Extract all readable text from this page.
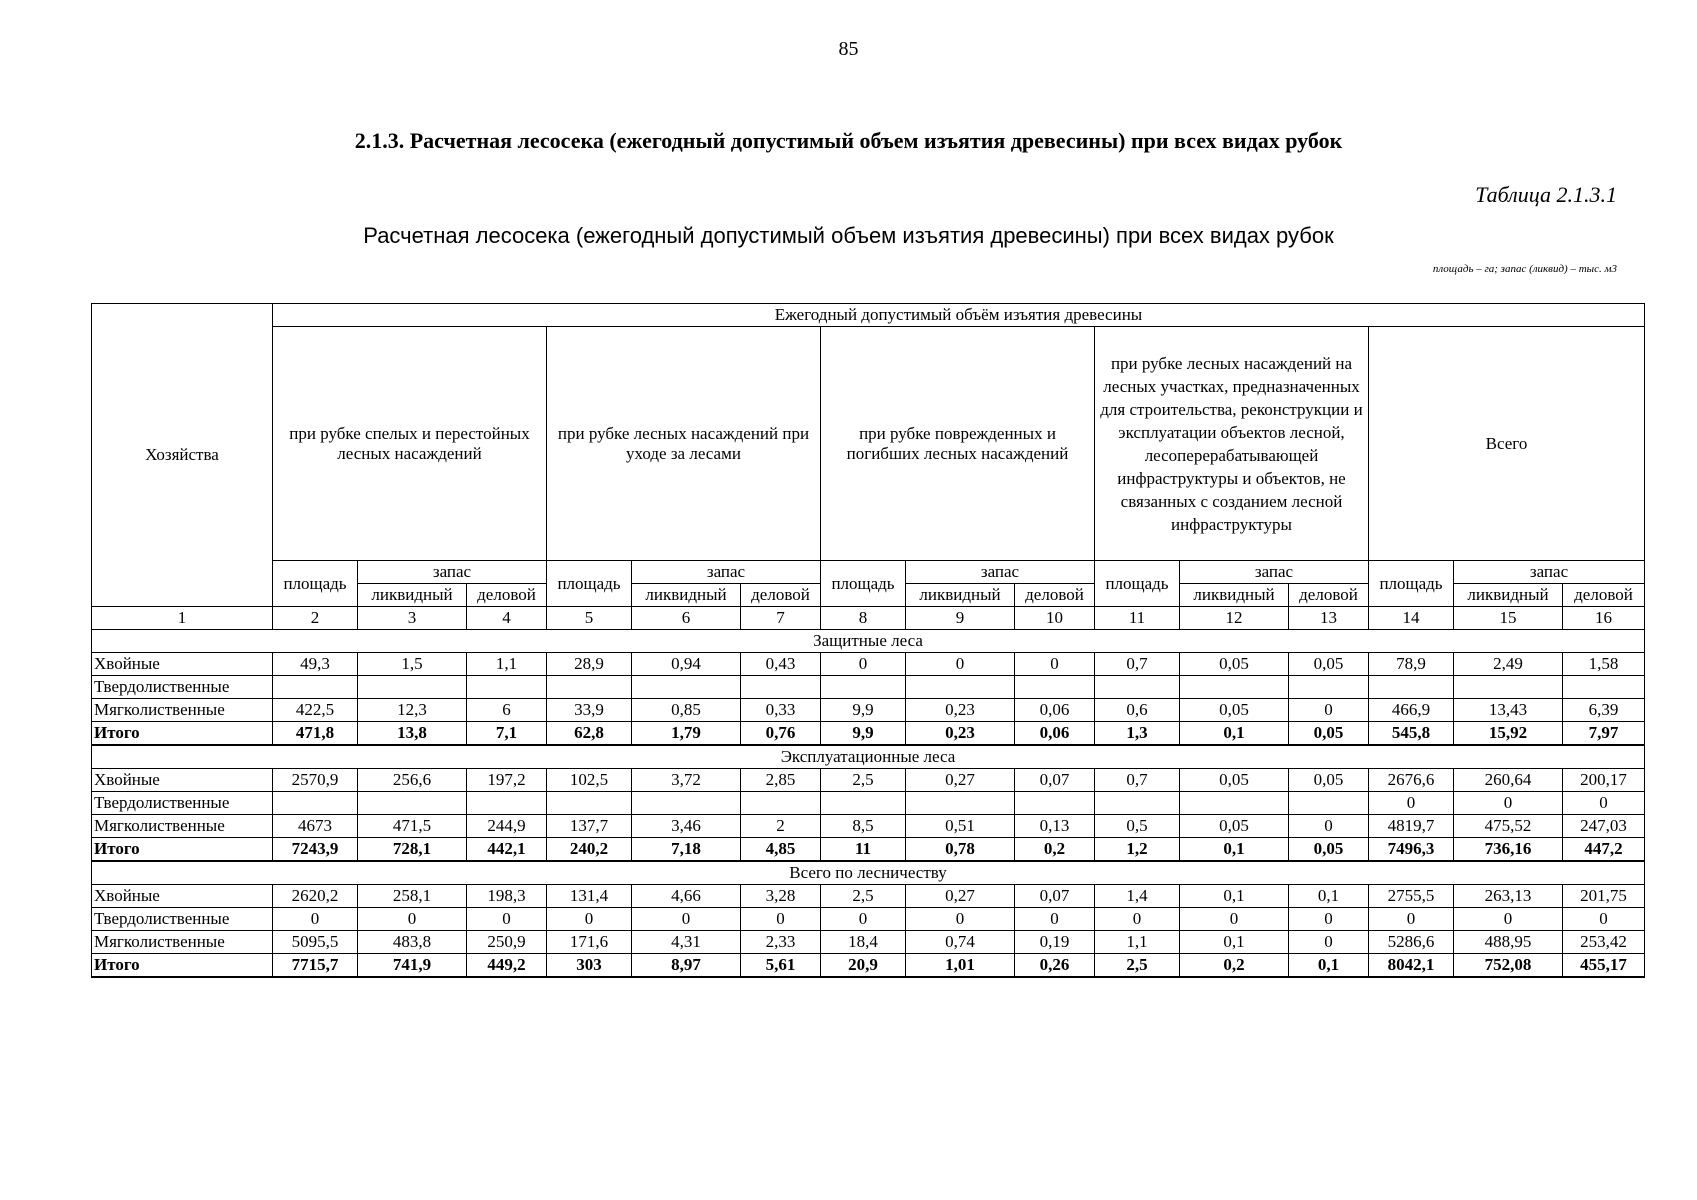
85
2.1.3. Расчетная лесосека (ежегодный допустимый объем изъятия древесины) при всех видах рубок
Таблица 2.1.3.1
Расчетная лесосека (ежегодный допустимый объем изъятия древесины) при всех видах рубок
площадь – га; запас (ликвид) – тыс. м3
Хозяйства	Ежегодный допустимый объём изъятия древесины														
	при рубке спелых и перестойных лесных насаждений			при рубке лесных насаждений при уходе за лесами			при рубке поврежденных и погибших лесных насаждений			при рубке лесных насаждений на лесных участках, предназначенных для строительства, реконструкции и эксплуатации объектов лесной, лесоперерабатывающей инфраструктуры и объектов, не связанных с созданием лесной инфраструктуры			Всего		
	площадь	запас		площадь	запас		площадь	запас		площадь	запас		площадь	запас	
		ликвидный	деловой		ликвидный	деловой		ликвидный	деловой		ликвидный	деловой		ликвидный	деловой
1	2	3	4	5	6	7	8	9	10	11	12	13	14	15	16
Защитные леса															
Хвойные	49,3	1,5	1,1	28,9	0,94	0,43	0	0	0	0,7	0,05	0,05	78,9	2,49	1,58
Твердолиственные															
Мягколиственные	422,5	12,3	6	33,9	0,85	0,33	9,9	0,23	0,06	0,6	0,05	0	466,9	13,43	6,39
Итого	471,8	13,8	7,1	62,8	1,79	0,76	9,9	0,23	0,06	1,3	0,1	0,05	545,8	15,92	7,97
Эксплуатационные леса															
Хвойные	2570,9	256,6	197,2	102,5	3,72	2,85	2,5	0,27	0,07	0,7	0,05	0,05	2676,6	260,64	200,17
Твердолиственные													0	0	0
Мягколиственные	4673	471,5	244,9	137,7	3,46	2	8,5	0,51	0,13	0,5	0,05	0	4819,7	475,52	247,03
Итого	7243,9	728,1	442,1	240,2	7,18	4,85	11	0,78	0,2	1,2	0,1	0,05	7496,3	736,16	447,2
Всего по лесничеству															
Хвойные	2620,2	258,1	198,3	131,4	4,66	3,28	2,5	0,27	0,07	1,4	0,1	0,1	2755,5	263,13	201,75
Твердолиственные	0	0	0	0	0	0	0	0	0	0	0	0	0	0	0
Мягколиственные	5095,5	483,8	250,9	171,6	4,31	2,33	18,4	0,74	0,19	1,1	0,1	0	5286,6	488,95	253,42
Итого	7715,7	741,9	449,2	303	8,97	5,61	20,9	1,01	0,26	2,5	0,2	0,1	8042,1	752,08	455,17
